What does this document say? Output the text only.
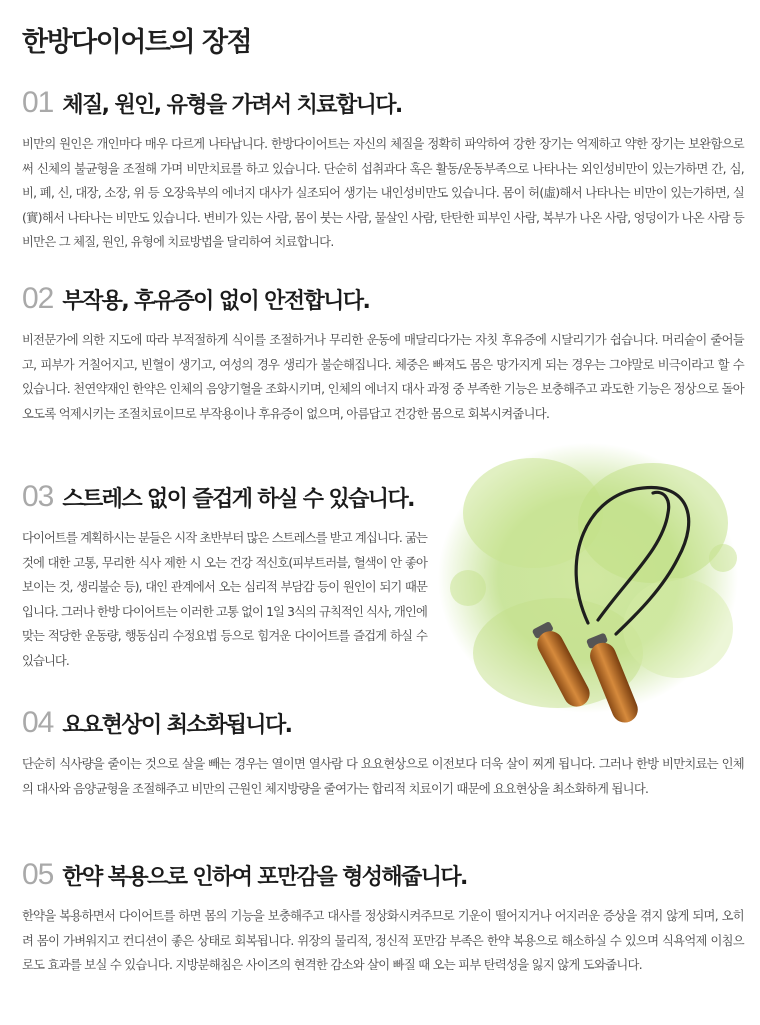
한방다이어트의 장점
01 체질, 원인, 유형을 가려서 치료합니다.

비만의 원인은 개인마다 매우 다르게 나타납니다. 한방다이어트는 자신의 체질을 정확히 파악하여 강한 장기는 억제하고 약한 장기는 보완함으로써 신체의 불균형을 조절해 가며 비만치료를 하고 있습니다. 단순히 섭취과다 혹은 활동/운동부족으로 나타나는 외인성비만이 있는가하면 간, 심, 비, 폐, 신, 대장, 소장, 위 등 오장육부의 에너지 대사가 실조되어 생기는 내인성비만도 있습니다. 몸이 허(虛)해서 나타나는 비만이 있는가하면, 실(實)해서 나타나는 비만도 있습니다. 변비가 있는 사람, 몸이 붓는 사람, 물살인 사람, 탄탄한 피부인 사람, 복부가 나온 사람, 엉덩이가 나온 사람 등 비만은 그 체질, 원인, 유형에 치료방법을 달리하여 치료합니다.

02 부작용, 후유증이 없이 안전합니다.

비전문가에 의한 지도에 따라 부적절하게 식이를 조절하거나 무리한 운동에 매달리다가는 자칫 후유증에 시달리기가 쉽습니다. 머리숱이 줄어들고, 피부가 거칠어지고, 빈혈이 생기고, 여성의 경우 생리가 불순해집니다. 체중은 빠져도 몸은 망가지게 되는 경우는 그야말로 비극이라고 할 수 있습니다. 천연약재인 한약은 인체의 음양기혈을 조화시키며, 인체의 에너지 대사 과정 중 부족한 기능은 보충해주고 과도한 기능은 정상으로 돌아오도록 억제시키는 조절치료이므로 부작용이나 후유증이 없으며, 아름답고 건강한 몸으로 회복시켜줍니다.

03 스트레스 없이 즐겁게 하실 수 있습니다.

다이어트를 계획하시는 분들은 시작 초반부터 많은 스트레스를 받고 계십니다. 굶는 것에 대한 고통, 무리한 식사 제한 시 오는 건강 적신호(피부트러블, 혈색이 안 좋아 보이는 것, 생리불순 등), 대인 관계에서 오는 심리적 부담감 등이 원인이 되기 때문입니다. 그러나 한방 다이어트는 이러한 고통 없이 1일 3식의 규칙적인 식사, 개인에 맞는 적당한 운동량, 행동심리 수정요법 등으로 힘겨운 다이어트를 즐겁게 하실 수 있습니다.

04 요요현상이 최소화됩니다.

단순히 식사량을 줄이는 것으로 살을 빼는 경우는 열이면 열사람 다 요요현상으로 이전보다 더욱 살이 찌게 됩니다. 그러나 한방 비만치료는 인체의 대사와 음양균형을 조절해주고 비만의 근원인 체지방량을 줄여가는 합리적 치료이기 때문에 요요현상을 최소화하게 됩니다.

05 한약 복용으로 인하여 포만감을 형성해줍니다.

한약을 복용하면서 다이어트를 하면 몸의 기능을 보충해주고 대사를 정상화시켜주므로 기운이 떨어지거나 어지러운 증상을 겪지 않게 되며, 오히려 몸이 가벼워지고 컨디션이 좋은 상태로 회복됩니다. 위장의 물리적, 정신적 포만감 부족은 한약 복용으로 해소하실 수 있으며 식욕억제 이침으로도 효과를 보실 수 있습니다. 지방분해침은 사이즈의 현격한 감소와 살이 빠질 때 오는 피부 탄력성을 잃지 않게 도와줍니다.
